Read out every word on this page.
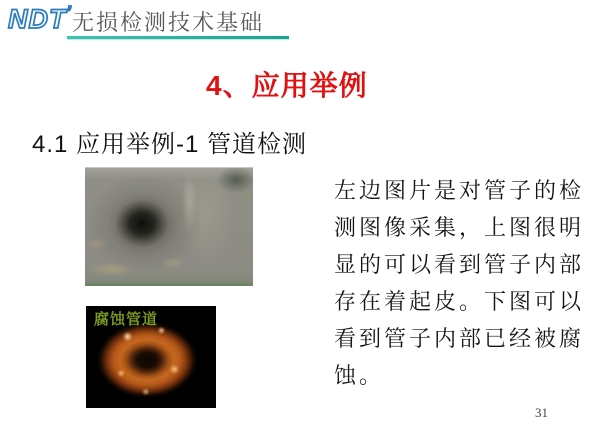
NDT’ 无损检测技术基础
4、应用举例
4.1 应用举例-1 管道检测
腐蚀管道
左边图片是对管子的检
测图像采集，上图很明
显的可以看到管子内部
存在着起皮。下图可以
看到管子内部已经被腐
蚀。
31
